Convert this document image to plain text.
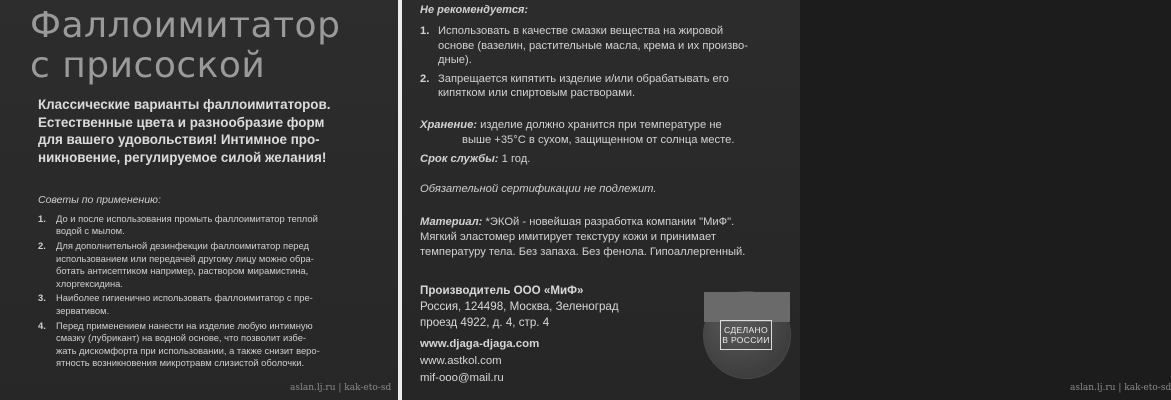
Фаллоимитатор
с присоской

Классические варианты фаллоимитаторов.
Естественные цвета и разнообразие форм
для вашего удовольствия! Интимное про-
никновение, регулируемое силой желания!

Советы по применению:
1. До и после использования промыть фаллоимитатор теплой
водой с мылом.
2. Для дополнительной дезинфекции фаллоимитатор перед
использованием или передачей другому лицу можно обра-
ботать антисептиком например, раствором мирамистина,
хлоргексидина.
3. Наиболее гигиенично использовать фаллоимитатор с пре-
зервативом.
4. Перед применением нанести на изделие любую интимную
смазку (лубрикант) на водной основе, что позволит избе-
жать дискомфорта при использовании, а также снизит веро-
ятность возникновения микротравм слизистой оболочки.
aslan.lj.ru | kak-eto-sd
Не рекомендуется:
1. Использовать в качестве смазки вещества на жировой
основе (вазелин, растительные масла, крема и их произво-
дные).
2. Запрещается кипятить изделие и/или обрабатывать его
кипятком или спиртовым растворами.
Хранение: изделие должно хранится при температуре не
выше +35°С в сухом, защищенном от солнца месте.
Срок службы: 1 год.
Обязательной сертификации не подлежит.
Материал: *ЭКОй - новейшая разработка компании "МиФ".
Мягкий эластомер имитирует текстуру кожи и принимает
температуру тела. Без запаха. Без фенола. Гипоаллергенный.
Производитель ООО «МиФ»
Россия, 124498, Москва, Зеленоград
проезд 4922, д. 4, стр. 4
www.djaga-djaga.com
www.astkol.com
mif-ooo@mail.ru
СДЕЛАНО
В РОССИИ
aslan.lj.ru | kak-eto-sd
